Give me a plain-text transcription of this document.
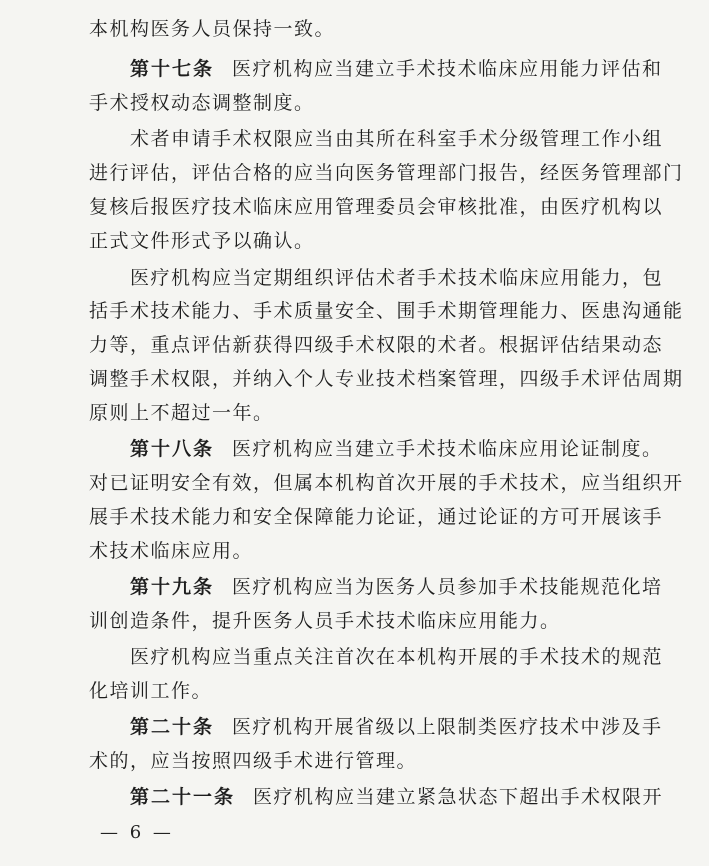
本机构医务人员保持一致。
第十七条 医疗机构应当建立手术技术临床应用能力评估和
手术授权动态调整制度。
术者申请手术权限应当由其所在科室手术分级管理工作小组
进行评估，评估合格的应当向医务管理部门报告，经医务管理部门
复核后报医疗技术临床应用管理委员会审核批准，由医疗机构以
正式文件形式予以确认。
医疗机构应当定期组织评估术者手术技术临床应用能力，包
括手术技术能力、手术质量安全、围手术期管理能力、医患沟通能
力等，重点评估新获得四级手术权限的术者。根据评估结果动态
调整手术权限，并纳入个人专业技术档案管理，四级手术评估周期
原则上不超过一年。
第十八条 医疗机构应当建立手术技术临床应用论证制度。
对已证明安全有效，但属本机构首次开展的手术技术，应当组织开
展手术技术能力和安全保障能力论证，通过论证的方可开展该手
术技术临床应用。
第十九条 医疗机构应当为医务人员参加手术技能规范化培
训创造条件，提升医务人员手术技术临床应用能力。
医疗机构应当重点关注首次在本机构开展的手术技术的规范
化培训工作。
第二十条 医疗机构开展省级以上限制类医疗技术中涉及手
术的，应当按照四级手术进行管理。
第二十一条 医疗机构应当建立紧急状态下超出手术权限开
— 6 —
